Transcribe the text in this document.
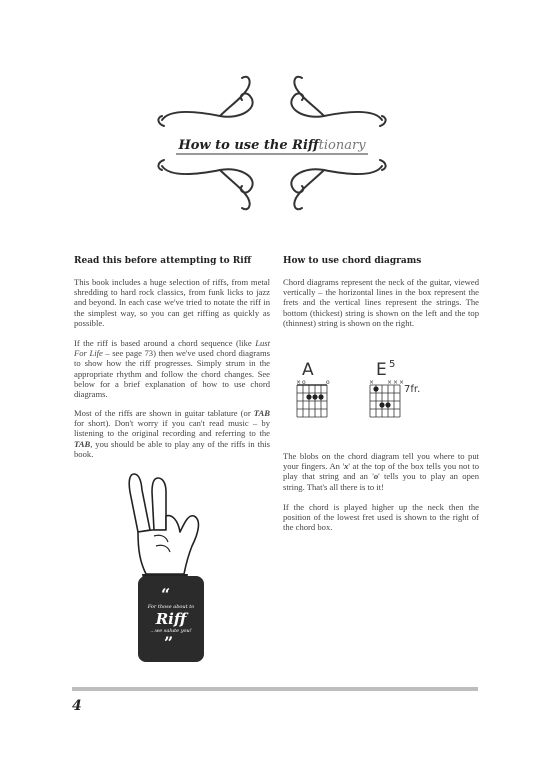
How to use the Rifftionary
Read this before attempting to Riff
This book includes a huge selection of riffs, from metal shredding to hard rock classics, from funk licks to jazz and beyond. In each case we've tried to notate the riff in the simplest way, so you can get riffing as quickly as possible.
If the riff is based around a chord sequence (like Lust For Life – see page 73) then we've used chord diagrams to show how the riff progresses. Simply strum in the appropriate rhythm and follow the chord changes. See below for a brief explanation of how to use chord diagrams.
Most of the riffs are shown in guitar tablature (or TAB for short). Don't worry if you can't read music – by listening to the original recording and referring to the TAB, you should be able to play any of the riffs in this book.
How to use chord diagrams
Chord diagrams represent the neck of the guitar, viewed vertically – the horizontal lines in the box represent the frets and the vertical lines represent the strings. The bottom (thickest) string is shown on the left and the top (thinnest) string is shown on the right.
A
× o	o
E 5
× × × ×
7fr.
The blobs on the chord diagram tell you where to put your fingers. An 'x' at the top of the box tells you not to play that string and an 'o' tells you to play an open string. That's all there is to it!
If the chord is played higher up the neck then the position of the lowest fret used is shown to the right of the chord box.
“
For those about to
Riff
...we salute you!
”
4
